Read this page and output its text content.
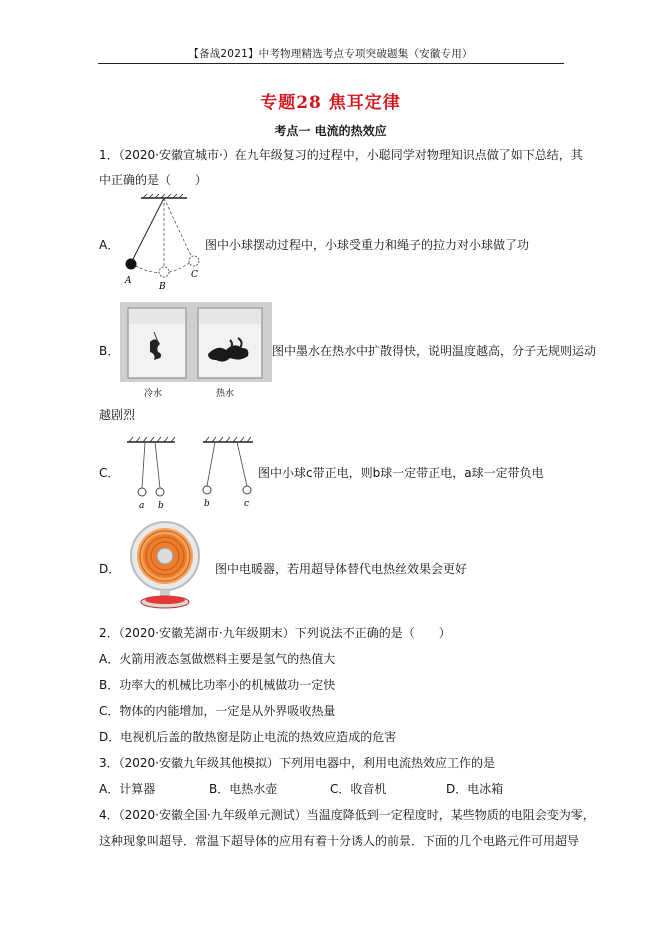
【备战2021】中考物理精选考点专项突破题集（安徽专用）
专题28 焦耳定律
考点一 电流的热效应
1．（2020·安徽宣城市·）在九年级复习的过程中，小聪同学对物理知识点做了如下总结，其
中正确的是（　　）
A．
A
B
C
图中小球摆动过程中，小球受重力和绳子的拉力对小球做了功
B．
冷水	热水
图中墨水在热水中扩散得快，说明温度越高，分子无规则运动
越剧烈
C．
a b	b	c
图中小球c带正电，则b球一定带正电，a球一定带负电
D．	图中电暖器，若用超导体替代电热丝效果会更好
2．（2020·安徽芜湖市·九年级期末）下列说法不正确的是（　　）
A．火箭用液态氢做燃料主要是氢气的热值大
B．功率大的机械比功率小的机械做功一定快
C．物体的内能增加，一定是从外界吸收热量
D．电视机后盖的散热窗是防止电流的热效应造成的危害
3．（2020·安徽九年级其他模拟）下列用电器中，利用电流热效应工作的是
A．计算器	B．电热水壶	C．收音机	D．电冰箱
4．（2020·安徽全国·九年级单元测试）当温度降低到一定程度时，某些物质的电阻会变为零，
这种现象叫超导．常温下超导体的应用有着十分诱人的前景．下面的几个电路元件可用超导
